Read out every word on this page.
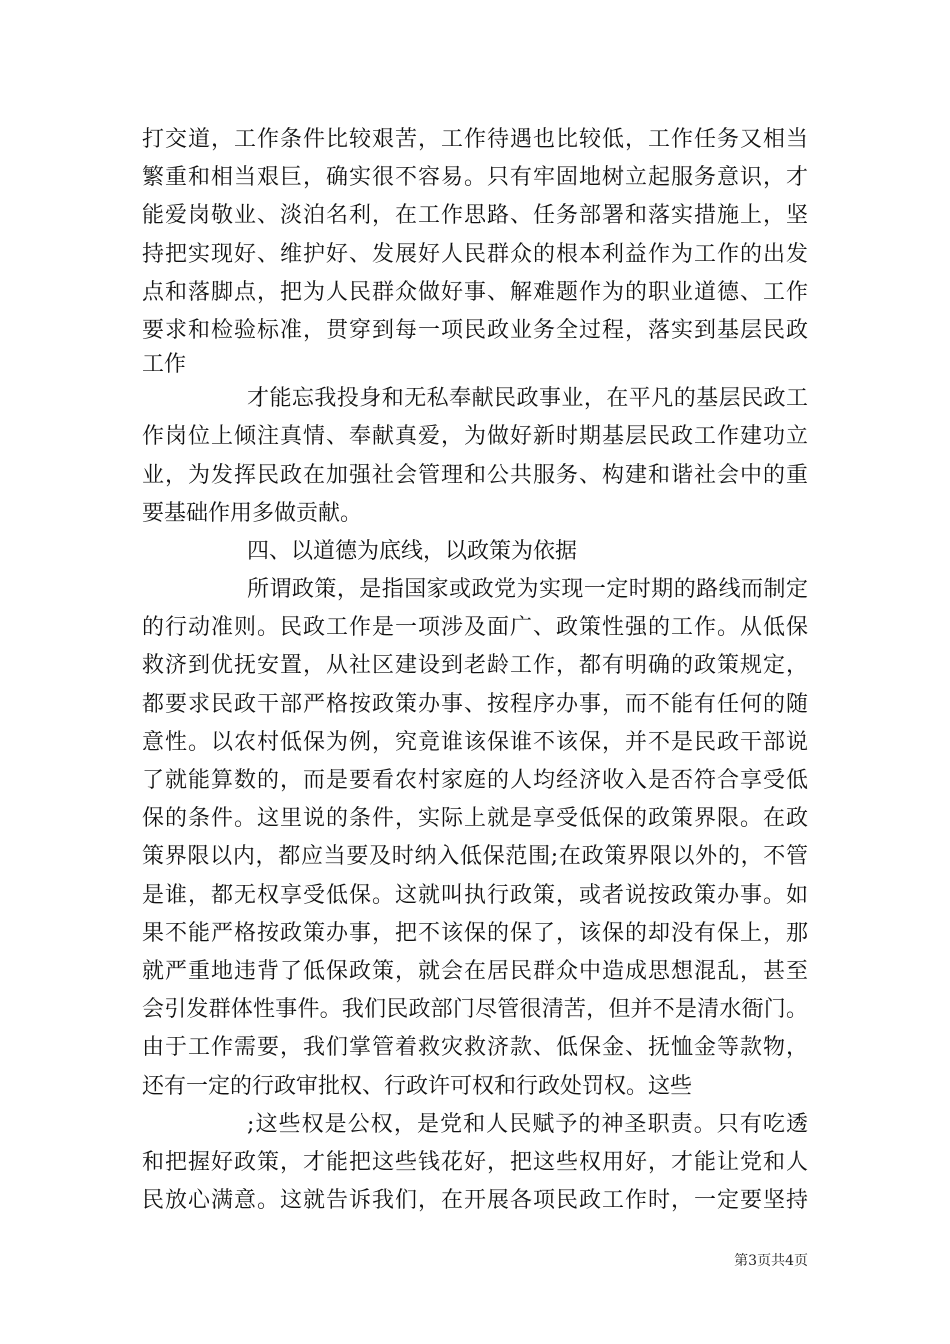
打交道，工作条件比较艰苦，工作待遇也比较低，工作任务又相当
繁重和相当艰巨，确实很不容易。只有牢固地树立起服务意识，才
能爱岗敬业、淡泊名利，在工作思路、任务部署和落实措施上，坚
持把实现好、维护好、发展好人民群众的根本利益作为工作的出发
点和落脚点，把为人民群众做好事、解难题作为的职业道德、工作
要求和检验标准，贯穿到每一项民政业务全过程，落实到基层民政
工作
才能忘我投身和无私奉献民政事业，在平凡的基层民政工
作岗位上倾注真情、奉献真爱，为做好新时期基层民政工作建功立
业，为发挥民政在加强社会管理和公共服务、构建和谐社会中的重
要基础作用多做贡献。
四、以道德为底线，以政策为依据
所谓政策，是指国家或政党为实现一定时期的路线而制定
的行动准则。民政工作是一项涉及面广、政策性强的工作。从低保
救济到优抚安置，从社区建设到老龄工作，都有明确的政策规定，
都要求民政干部严格按政策办事、按程序办事，而不能有任何的随
意性。以农村低保为例，究竟谁该保谁不该保，并不是民政干部说
了就能算数的，而是要看农村家庭的人均经济收入是否符合享受低
保的条件。这里说的条件，实际上就是享受低保的政策界限。在政
策界限以内，都应当要及时纳入低保范围;在政策界限以外的，不管
是谁，都无权享受低保。这就叫执行政策，或者说按政策办事。如
果不能严格按政策办事，把不该保的保了，该保的却没有保上，那
就严重地违背了低保政策，就会在居民群众中造成思想混乱，甚至
会引发群体性事件。我们民政部门尽管很清苦，但并不是清水衙门。
由于工作需要，我们掌管着救灾救济款、低保金、抚恤金等款物，
还有一定的行政审批权、行政许可权和行政处罚权。这些
;这些权是公权，是党和人民赋予的神圣职责。只有吃透
和把握好政策，才能把这些钱花好，把这些权用好，才能让党和人
民放心满意。这就告诉我们，在开展各项民政工作时，一定要坚持
第3页共4页
